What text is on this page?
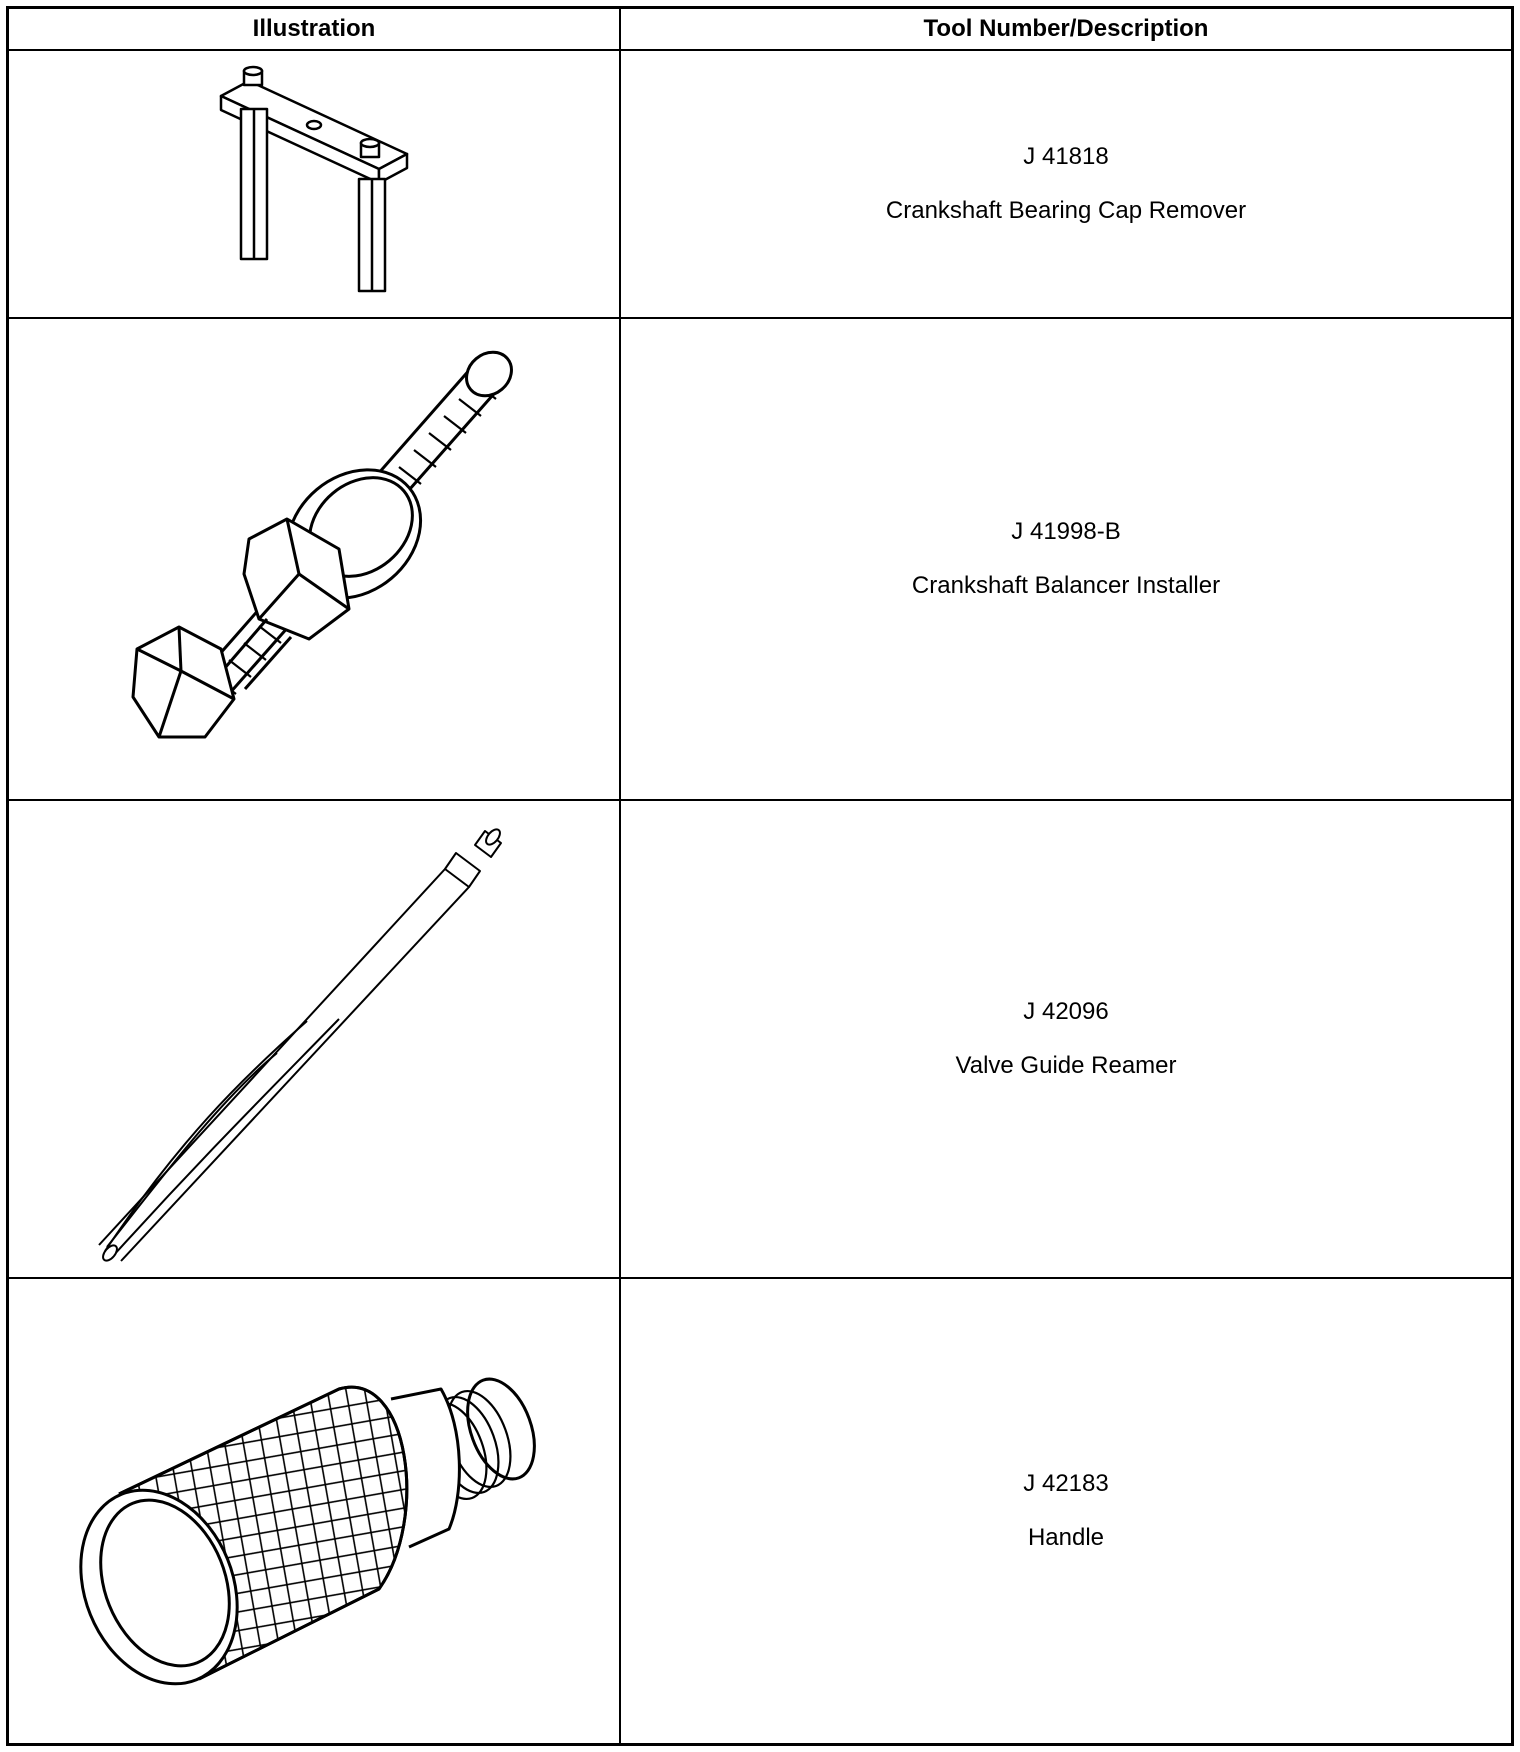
Illustration	Tool Number/Description
J 41818
Crankshaft Bearing Cap Remover
J 41998-B
Crankshaft Balancer Installer
J 42096
Valve Guide Reamer
J 42183
Handle
